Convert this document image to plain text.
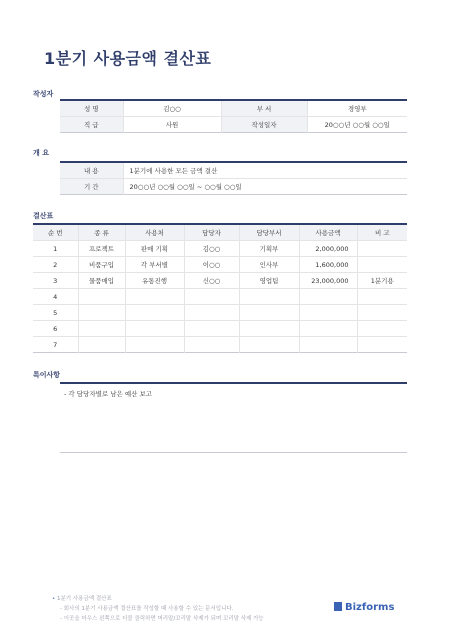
1분기 사용금액 결산표
작성자
성 명	김○○	부 서	경영부
직 급	사원	작성일자	20○○년 ○○월 ○○일
개 요
내 용	1분기에 사용한 모든 금액 결산
기 간	20○○년 ○○월 ○○일 ~ ○○월 ○○일
결산표
순 번	종 류	사용처	담당자	담당부서	사용금액	비 고
1	프로젝트	판매 기획	김○○	기획부	2,000,000	
2	비품구입	각 부서별	이○○	인사부	1,600,000	
3	물품매입	유통진행	신○○	영업팀	23,000,000	1분기용
4						
5						
6						
7						
특이사항
- 각 담당자별로 남은 예산 보고
• 1분기 사용금액 결산표
- 회사의 1분기 사용금액 결산표를 작성할 때 사용할 수 있는 문서입니다.
- 이곳을 마우스 왼쪽으로 더블 클릭하면 머리말/꼬리말 삭제가 되며 꼬리말 삭제 가능
Bizforms
